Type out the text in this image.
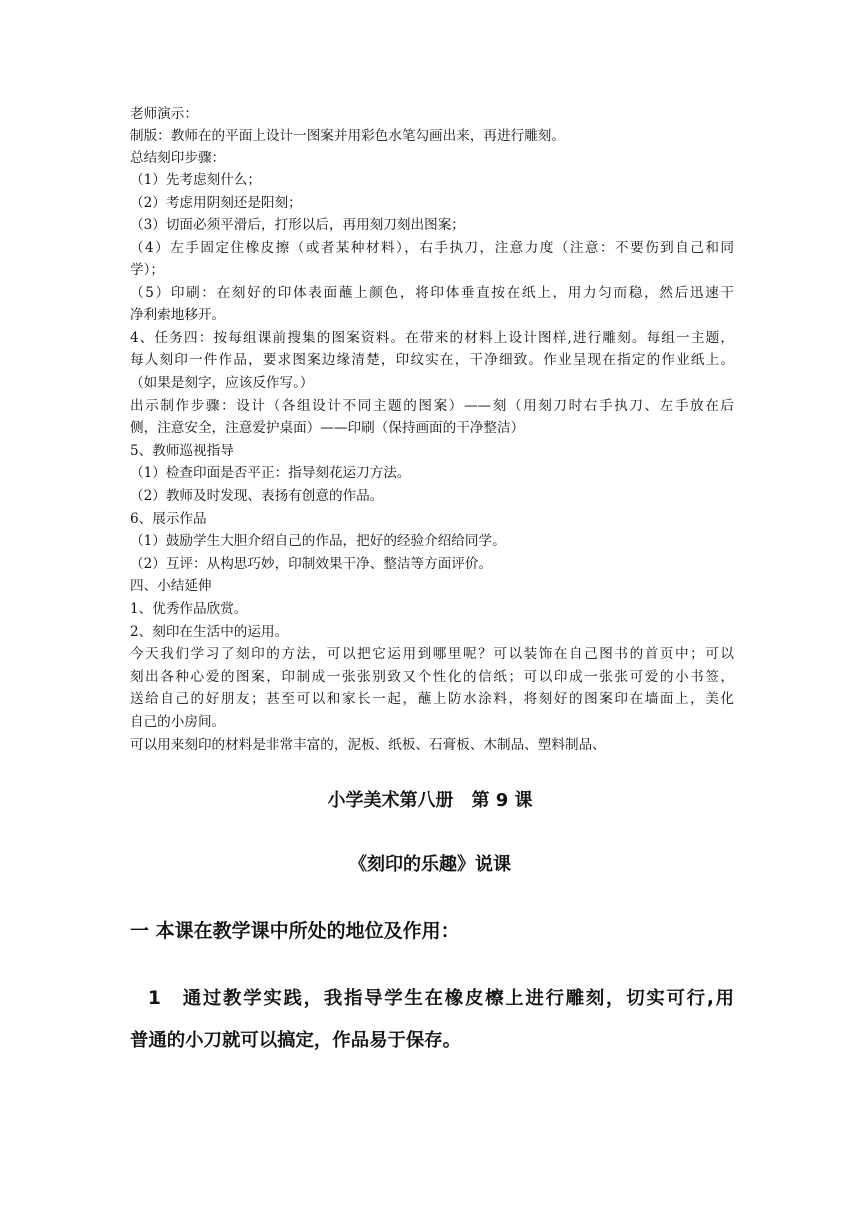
老师演示：
制版：教师在的平面上设计一图案并用彩色水笔勾画出来，再进行雕刻。
总结刻印步骤：
（1）先考虑刻什么；
（2）考虑用阴刻还是阳刻；
（3）切面必须平滑后，打形以后，再用刻刀刻出图案；
（4）左手固定住橡皮擦（或者某种材料），右手执刀，注意力度（注意：不要伤到自己和同
学）；
（5）印刷：在刻好的印体表面蘸上颜色，将印体垂直按在纸上，用力匀而稳，然后迅速干
净利索地移开。
4、任务四：按每组课前搜集的图案资料。在带来的材料上设计图样,进行雕刻。每组一主题，
每人刻印一件作品，要求图案边缘清楚，印纹实在，干净细致。作业呈现在指定的作业纸上。
（如果是刻字，应该反作写。）
出示制作步骤：设计（各组设计不同主题的图案）——刻（用刻刀时右手执刀、左手放在后
侧，注意安全，注意爱护桌面）——印刷（保持画面的干净整洁）
5、教师巡视指导
（1）检查印面是否平正：指导刻花运刀方法。
（2）教师及时发现、表扬有创意的作品。
6、展示作品
（1）鼓励学生大胆介绍自己的作品，把好的经验介绍给同学。
（2）互评：从构思巧妙，印制效果干净、整洁等方面评价。
四、小结延伸
1、优秀作品欣赏。
2、刻印在生活中的运用。
今天我们学习了刻印的方法，可以把它运用到哪里呢？可以装饰在自己图书的首页中；可以
刻出各种心爱的图案，印制成一张张别致又个性化的信纸；可以印成一张张可爱的小书签，
送给自己的好朋友；甚至可以和家长一起，蘸上防水涂料，将刻好的图案印在墙面上，美化
自己的小房间。
可以用来刻印的材料是非常丰富的，泥板、纸板、石膏板、木制品、塑料制品、
小学美术第八册　第 9 课
《刻印的乐趣》说课
一 本课在教学课中所处的地位及作用：
1　通过教学实践，我指导学生在橡皮檫上进行雕刻，切实可行,用
普通的小刀就可以搞定，作品易于保存。
